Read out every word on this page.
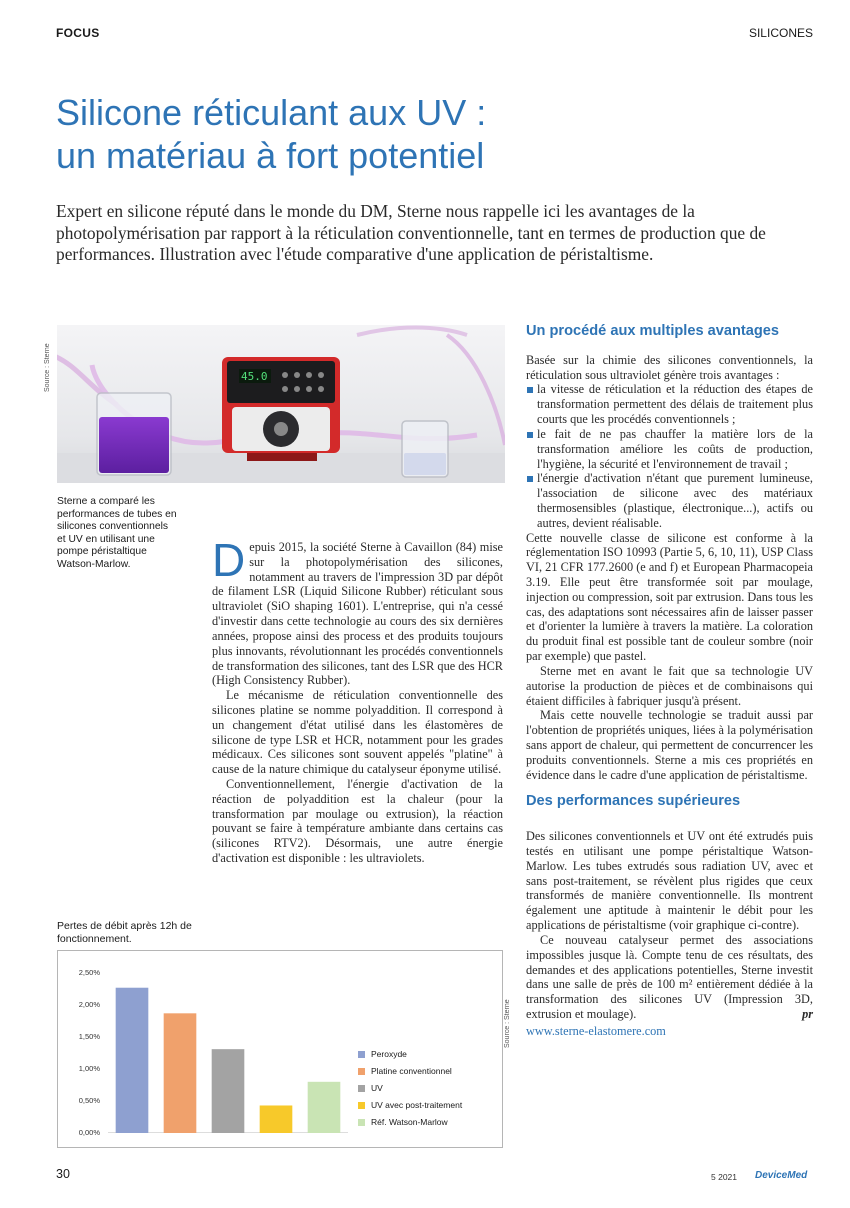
FOCUS	SILICONES
Silicone réticulant aux UV :
un matériau à fort potentiel
Expert en silicone réputé dans le monde du DM, Sterne nous rappelle ici les avantages de la photopolymérisation par rapport à la réticulation conventionnelle, tant en termes de production que de performances. Illustration avec l'étude comparative d'une application de péristaltisme.
Source : Sterne	45.0
Sterne a comparé les performances de tubes en silicones conventionnels et UV en utilisant une pompe péristaltique Watson-Marlow.	Depuis 2015, la société Sterne à Cavaillon (84) mise sur la photopolymérisation des silicones, notamment au travers de l'impression 3D par dépôt de filament LSR (Liquid Silicone Rubber) réticulant sous ultraviolet (SiO shaping 1601). L'entreprise, qui n'a cessé d'investir dans cette technologie au cours des six dernières années, propose ainsi des process et des produits toujours plus innovants, révolutionnant les procédés conventionnels de transformation des silicones, tant des LSR que des HCR (High Consistency Rubber).

Le mécanisme de réticulation conventionnelle des silicones platine se nomme polyaddition. Il correspond à un changement d'état utilisé dans les élastomères de silicone de type LSR et HCR, notamment pour les grades médicaux. Ces silicones sont souvent appelés "platine" à cause de la nature chimique du catalyseur éponyme utilisé.

Conventionnellement, l'énergie d'activation de la réaction de polyaddition est la chaleur (pour la transformation par moulage ou extrusion), la réaction pouvant se faire à température ambiante dans certains cas (silicones RTV2). Désormais, une autre énergie d'activation est disponible : les ultraviolets.

Pertes de débit après 12h de fonctionnement.
Source : Sterne
0,00%
0,50%
1,00%
1,50%
2,00%
2,50%
Peroxyde
Platine conventionnel
UV
UV avec post-traitement
Réf. Watson-Marlow
Un procédé aux multiples avantages

Basée sur la chimie des silicones conventionnels, la réticulation sous ultraviolet génère trois avantages :

la vitesse de réticulation et la réduction des étapes de transformation permettent des délais de traitement plus courts que les procédés conventionnels ;
le fait de ne pas chauffer la matière lors de la transformation améliore les coûts de production, l'hygiène, la sécurité et l'environnement de travail ;
l'énergie d'activation n'étant que purement lumineuse, l'association de silicone avec des matériaux thermosensibles (plastique, électronique...), actifs ou autres, devient réalisable.

Cette nouvelle classe de silicone est conforme à la réglementation ISO 10993 (Partie 5, 6, 10, 11), USP Class VI, 21 CFR 177.2600 (e and f) et European Pharmacopeia 3.19. Elle peut être transformée soit par moulage, injection ou compression, soit par extrusion. Dans tous les cas, des adaptations sont nécessaires afin de laisser passer et d'orienter la lumière à travers la matière. La coloration du produit final est possible tant de couleur sombre (noir par exemple) que pastel.

Sterne met en avant le fait que sa technologie UV autorise la production de pièces et de combinaisons qui étaient difficiles à fabriquer jusqu'à présent.

Mais cette nouvelle technologie se traduit aussi par l'obtention de propriétés uniques, liées à la polymérisation sans apport de chaleur, qui permettent de concurrencer les produits conventionnels. Sterne a mis ces propriétés en évidence dans le cadre d'une application de péristaltisme.

Des performances supérieures

Des silicones conventionnels et UV ont été extrudés puis testés en utilisant une pompe péristaltique Watson-Marlow. Les tubes extrudés sous radiation UV, avec et sans post-traitement, se révèlent plus rigides que ceux transformés de manière conventionnelle. Ils montrent également une aptitude à maintenir le débit pour les applications de péristaltisme (voir graphique ci-contre).

Ce nouveau catalyseur permet des associations impossibles jusque là. Compte tenu de ces résultats, des demandes et des applications potentielles, Sterne investit dans une salle de près de 100 m² entièrement dédiée à la transformation des silicones UV (Impression 3D, extrusion et moulage).	pr

www.sterne-elastomere.com
30	5 2021 DeviceMed
